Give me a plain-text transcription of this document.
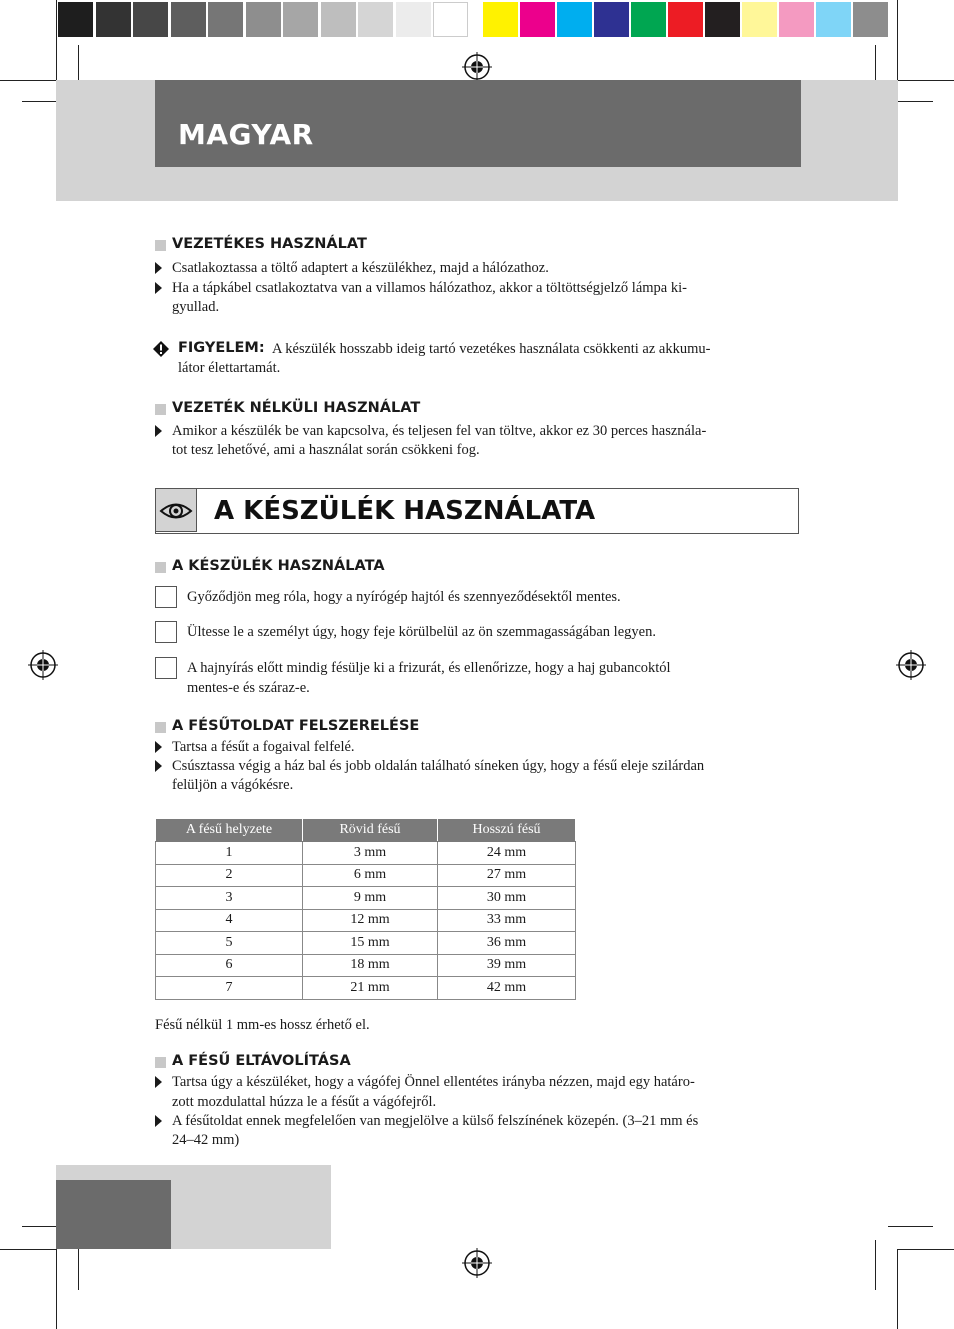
MAGYAR
VEZETÉKES HASZNÁLAT
Csatlakoztassa a töltő adaptert a készülékhez, majd a hálózathoz.
Ha a tápkábel csatlakoztatva van a villamos hálózathoz, akkor a töltöttségjelző lámpa ki-
gyullad.
FIGYELEM: A készülék hosszabb ideig tartó vezetékes használata csökkenti az akkumu-
látor élettartamát.
VEZETÉK NÉLKÜLI HASZNÁLAT
Amikor a készülék be van kapcsolva, és teljesen fel van töltve, akkor ez 30 perces használa-
tot tesz lehetővé, ami a használat során csökkeni fog.
A KÉSZÜLÉK HASZNÁLATA
A KÉSZÜLÉK HASZNÁLATA
Győződjön meg róla, hogy a nyírógép hajtól és szennyeződésektől mentes.
Ültesse le a személyt úgy, hogy feje körülbelül az ön szemmagasságában legyen.
A hajnyírás előtt mindig fésülje ki a frizurát, és ellenőrizze, hogy a haj gubancoktól
mentes-e és száraz-e.
A FÉSŰTOLDAT FELSZERELÉSE
Tartsa a fésűt a fogaival felfelé.
Csúsztassa végig a ház bal és jobb oldalán található síneken úgy, hogy a fésű eleje szilárdan
felüljön a vágókésre.
A fésű helyzete	Rövid fésű	Hosszú fésű
1	3 mm	24 mm
2	6 mm	27 mm
3	9 mm	30 mm
4	12 mm	33 mm
5	15 mm	36 mm
6	18 mm	39 mm
7	21 mm	42 mm
Fésű nélkül 1 mm-es hossz érhető el.
A FÉSŰ ELTÁVOLÍTÁSA
Tartsa úgy a készüléket, hogy a vágófej Önnel ellentétes irányba nézzen, majd egy határo-
zott mozdulattal húzza le a fésűt a vágófejről.
A fésűtoldat ennek megfelelően van megjelölve a külső felszínének közepén. (3–21 mm és
24–42 mm)
